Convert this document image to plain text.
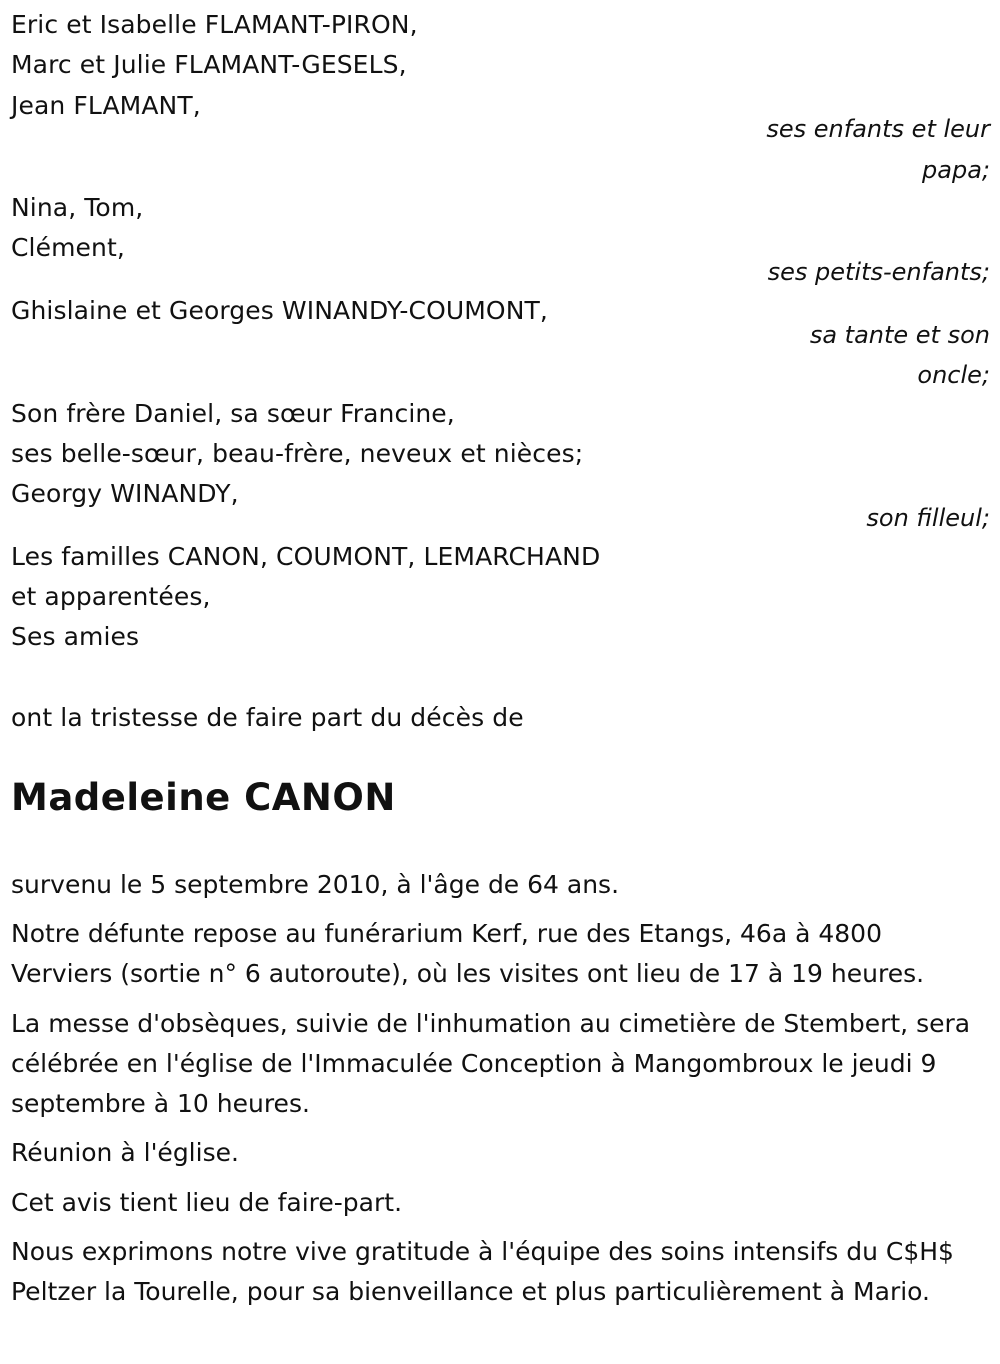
Eric et Isabelle FLAMANT-PIRON,
Marc et Julie FLAMANT-GESELS,
Jean FLAMANT,
ses enfants et leur
papa;
Nina, Tom,
Clément,
ses petits-enfants;
Ghislaine et Georges WINANDY-COUMONT,
sa tante et son
oncle;
Son frère Daniel, sa sœur Francine,
ses belle-sœur, beau-frère, neveux et nièces;
Georgy WINANDY,
son filleul;
Les familles CANON, COUMONT, LEMARCHAND
et apparentées,
Ses amies
ont la tristesse de faire part du décès de
Madeleine CANON
survenu le 5 septembre 2010, à l'âge de 64 ans.
Notre défunte repose au funérarium Kerf, rue des Etangs, 46a à 4800 Verviers (sortie n° 6 autoroute), où les visites ont lieu de 17 à 19 heures.
La messe d'obsèques, suivie de l'inhumation au cimetière de Stembert, sera célébrée en l'église de l'Immaculée Conception à Mangombroux le jeudi 9 septembre à 10 heures.
Réunion à l'église.
Cet avis tient lieu de faire-part.
Nous exprimons notre vive gratitude à l'équipe des soins intensifs du C$H$ Peltzer la Tourelle, pour sa bienveillance et plus particulièrement à Mario.
